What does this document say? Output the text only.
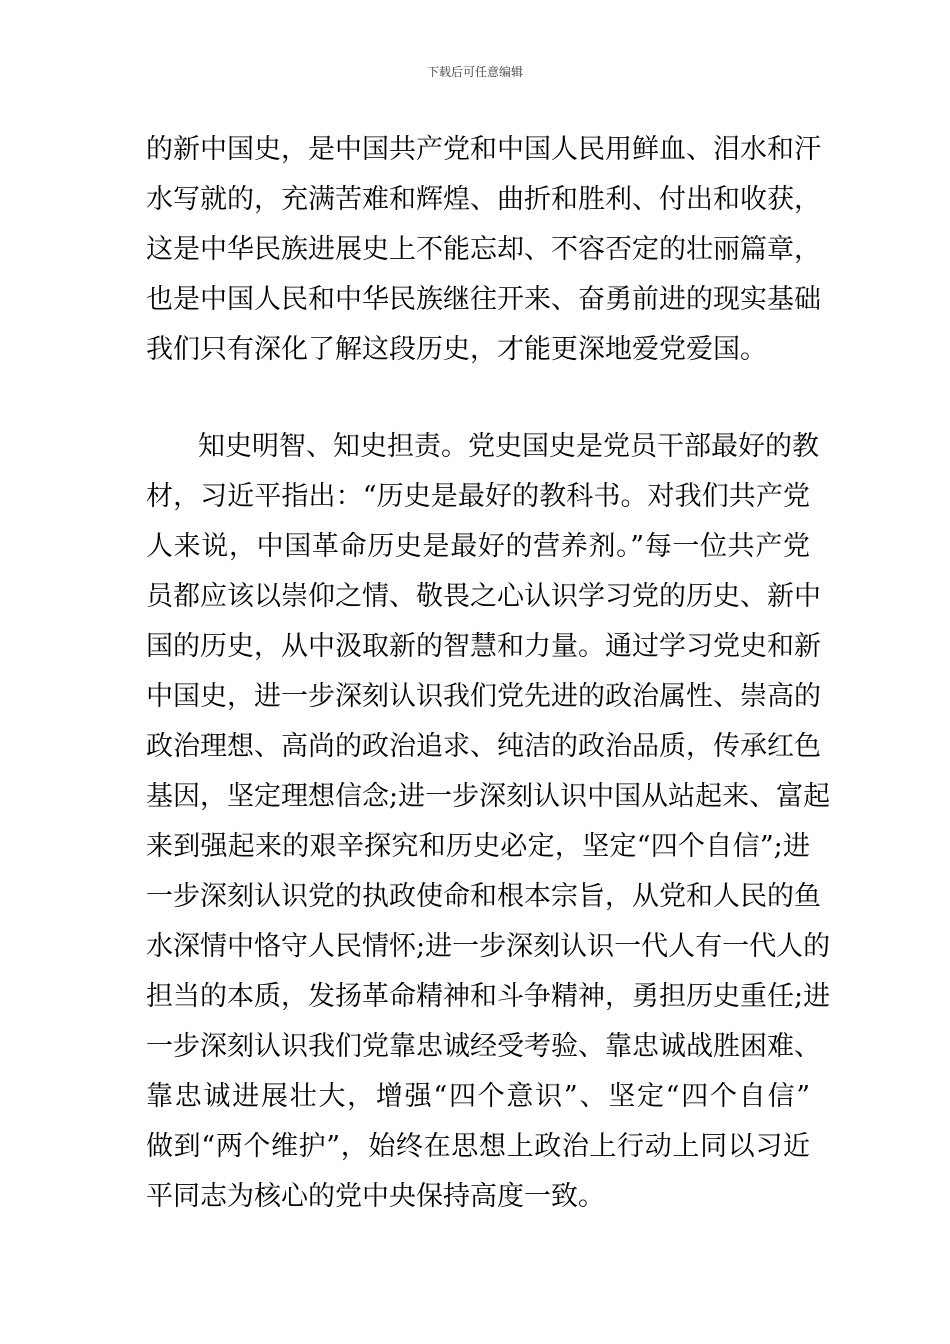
下载后可任意编辑
的新中国史，是中国共产党和中国人民用鲜血、泪水和汗
水写就的，充满苦难和辉煌、曲折和胜利、付出和收获，
这是中华民族进展史上不能忘却、不容否定的壮丽篇章，
也是中国人民和中华民族继往开来、奋勇前进的现实基础
我们只有深化了解这段历史，才能更深地爱党爱国。
知史明智、知史担责。党史国史是党员干部最好的教
材，习近平指出：“历史是最好的教科书。对我们共产党
人来说，中国革命历史是最好的营养剂。”每一位共产党
员都应该以崇仰之情、敬畏之心认识学习党的历史、新中
国的历史，从中汲取新的智慧和力量。通过学习党史和新
中国史，进一步深刻认识我们党先进的政治属性、崇高的
政治理想、高尚的政治追求、纯洁的政治品质，传承红色
基因，坚定理想信念;进一步深刻认识中国从站起来、富起
来到强起来的艰辛探究和历史必定，坚定“四个自信”;进
一步深刻认识党的执政使命和根本宗旨，从党和人民的鱼
水深情中恪守人民情怀;进一步深刻认识一代人有一代人的
担当的本质，发扬革命精神和斗争精神，勇担历史重任;进
一步深刻认识我们党靠忠诚经受考验、靠忠诚战胜困难、
靠忠诚进展壮大，增强“四个意识”、坚定“四个自信”
做到“两个维护”，始终在思想上政治上行动上同以习近
平同志为核心的党中央保持高度一致。
